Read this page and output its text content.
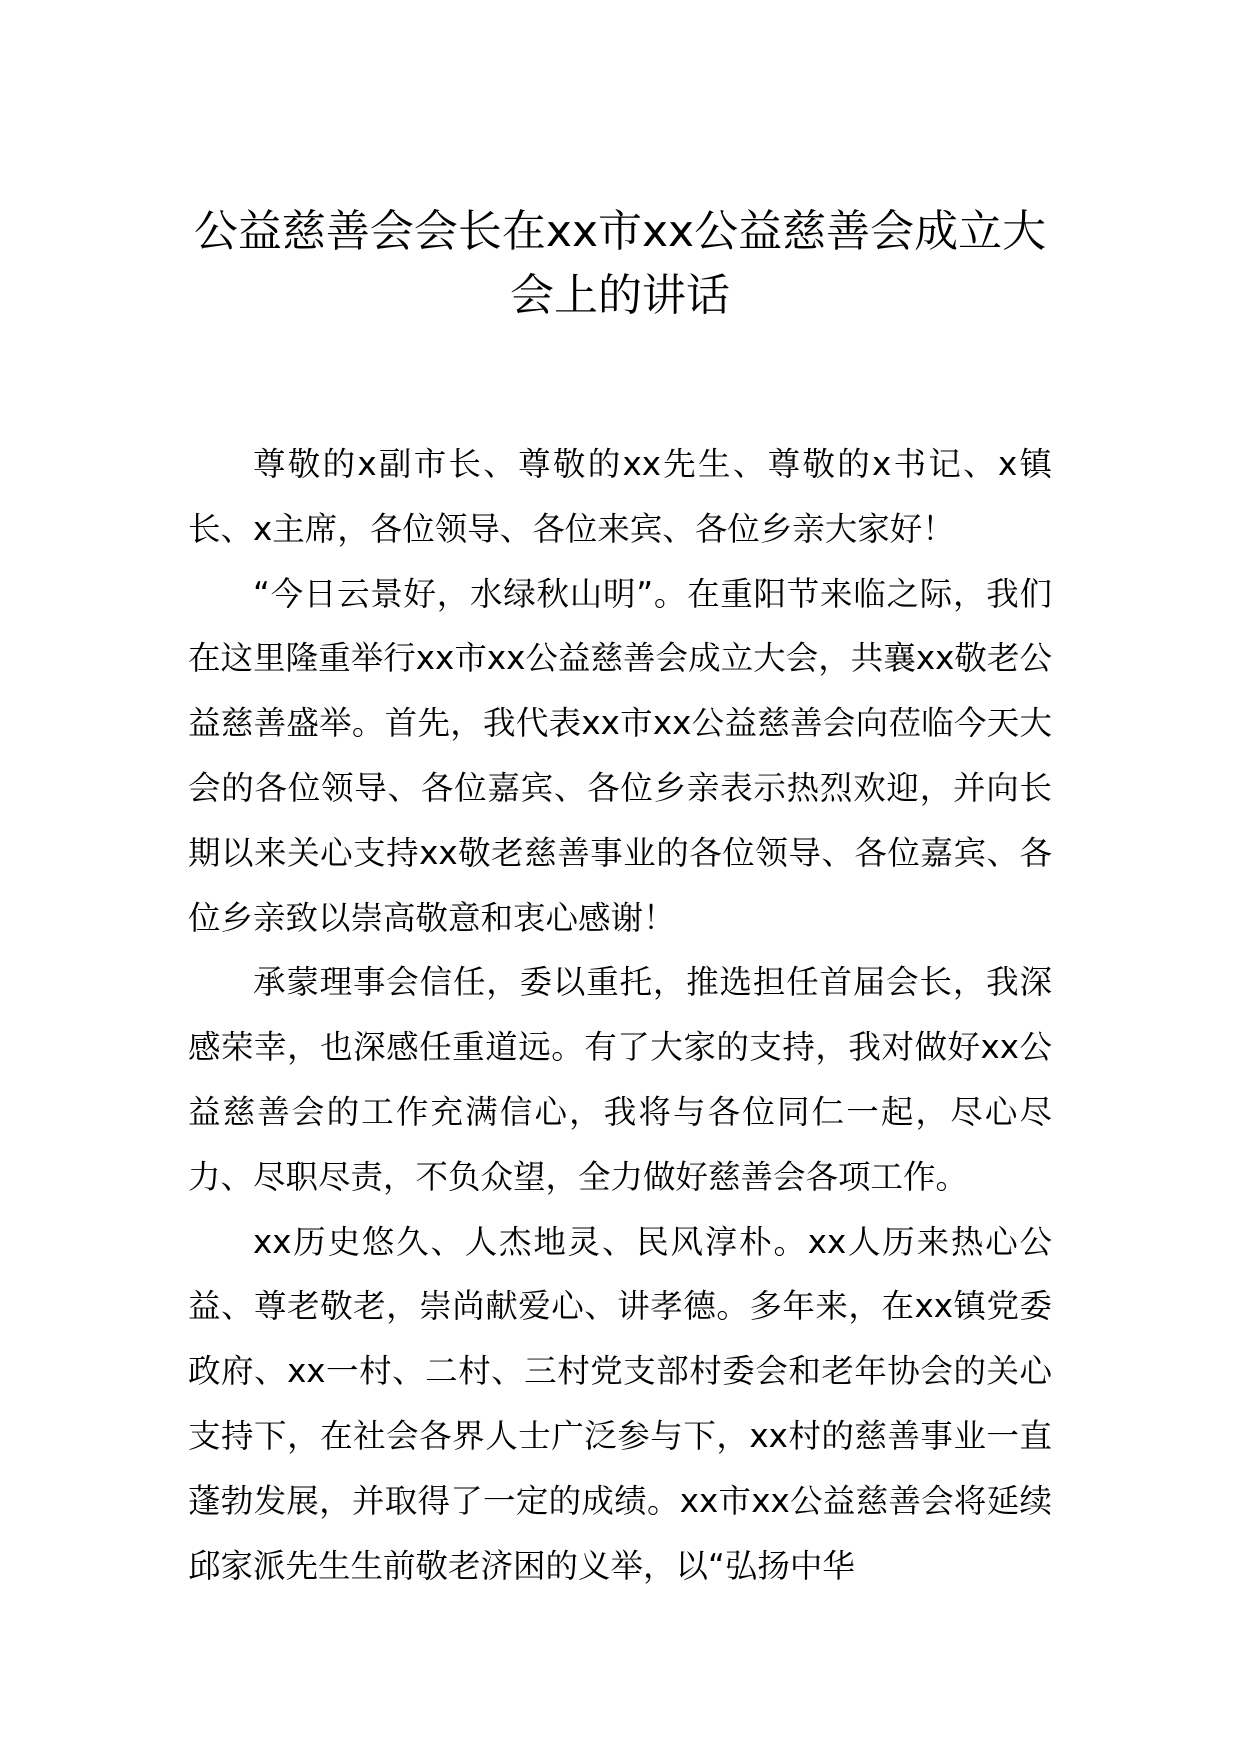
公益慈善会会长在xx市xx公益慈善会成立大会上的讲话

尊敬的x副市长、尊敬的xx先生、尊敬的x书记、x镇长、x主席，各位领导、各位来宾、各位乡亲大家好！

“今日云景好，水绿秋山明”。在重阳节来临之际，我们在这里隆重举行xx市xx公益慈善会成立大会，共襄xx敬老公益慈善盛举。首先，我代表xx市xx公益慈善会向莅临今天大会的各位领导、各位嘉宾、各位乡亲表示热烈欢迎，并向长期以来关心支持xx敬老慈善事业的各位领导、各位嘉宾、各位乡亲致以崇高敬意和衷心感谢！

承蒙理事会信任，委以重托，推选担任首届会长，我深感荣幸，也深感任重道远。有了大家的支持，我对做好xx公益慈善会的工作充满信心，我将与各位同仁一起，尽心尽力、尽职尽责，不负众望，全力做好慈善会各项工作。

xx历史悠久、人杰地灵、民风淳朴。xx人历来热心公益、尊老敬老，崇尚献爱心、讲孝德。多年来，在xx镇党委政府、xx一村、二村、三村党支部村委会和老年协会的关心支持下，在社会各界人士广泛参与下，xx村的慈善事业一直蓬勃发展，并取得了一定的成绩。xx市xx公益慈善会将延续邱家派先生生前敬老济困的义举，以“弘扬中华
